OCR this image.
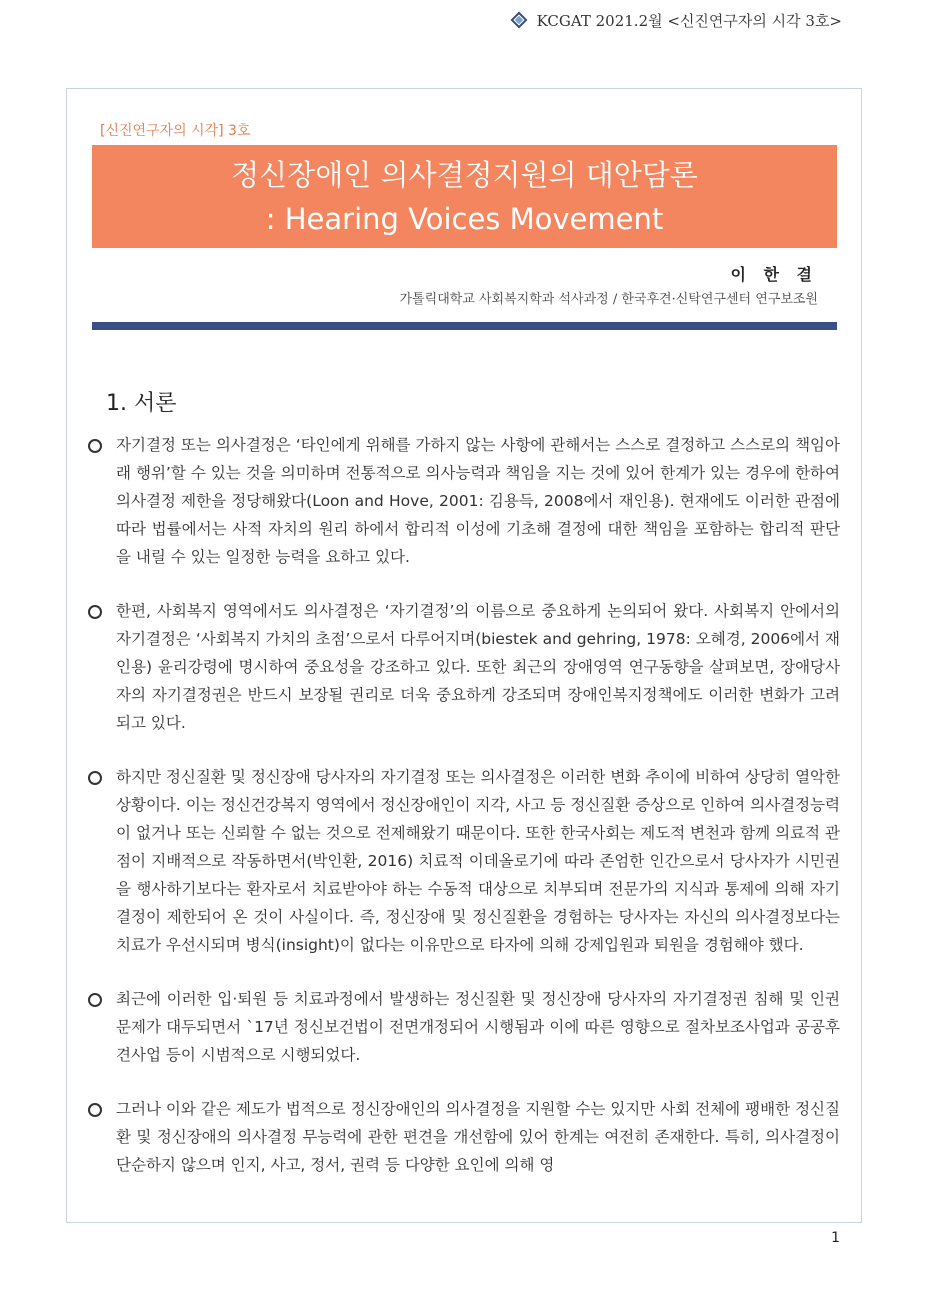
KCGAT 2021.2월 <신진연구자의 시각 3호>
[신진연구자의 시각] 3호
정신장애인 의사결정지원의 대안담론
: Hearing Voices Movement
이 한 결
가톨릭대학교 사회복지학과 석사과정 / 한국후견·신탁연구센터 연구보조원
1. 서론
자기결정 또는 의사결정은 ‘타인에게 위해를 가하지 않는 사항에 관해서는 스스로 결정하고 스스로의 책임아래 행위’할 수 있는 것을 의미하며 전통적으로 의사능력과 책임을 지는 것에 있어 한계가 있는 경우에 한하여 의사결정 제한을 정당해왔다(Loon and Hove, 2001: 김용득, 2008에서 재인용). 현재에도 이러한 관점에 따라 법률에서는 사적 자치의 원리 하에서 합리적 이성에 기초해 결정에 대한 책임을 포함하는 합리적 판단을 내릴 수 있는 일정한 능력을 요하고 있다.
한편, 사회복지 영역에서도 의사결정은 ‘자기결정’의 이름으로 중요하게 논의되어 왔다. 사회복지 안에서의 자기결정은 ‘사회복지 가치의 초점’으로서 다루어지며(biestek and gehring, 1978: 오혜경, 2006에서 재인용) 윤리강령에 명시하여 중요성을 강조하고 있다. 또한 최근의 장애영역 연구동향을 살펴보면, 장애당사자의 자기결정권은 반드시 보장될 권리로 더욱 중요하게 강조되며 장애인복지정책에도 이러한 변화가 고려되고 있다.
하지만 정신질환 및 정신장애 당사자의 자기결정 또는 의사결정은 이러한 변화 추이에 비하여 상당히 열악한 상황이다. 이는 정신건강복지 영역에서 정신장애인이 지각, 사고 등 정신질환 증상으로 인하여 의사결정능력이 없거나 또는 신뢰할 수 없는 것으로 전제해왔기 때문이다. 또한 한국사회는 제도적 변천과 함께 의료적 관점이 지배적으로 작동하면서(박인환, 2016) 치료적 이데올로기에 따라 존엄한 인간으로서 당사자가 시민권을 행사하기보다는 환자로서 치료받아야 하는 수동적 대상으로 치부되며 전문가의 지식과 통제에 의해 자기결정이 제한되어 온 것이 사실이다. 즉, 정신장애 및 정신질환을 경험하는 당사자는 자신의 의사결정보다는 치료가 우선시되며 병식(insight)이 없다는 이유만으로 타자에 의해 강제입원과 퇴원을 경험해야 했다.
최근에 이러한 입·퇴원 등 치료과정에서 발생하는 정신질환 및 정신장애 당사자의 자기결정권 침해 및 인권문제가 대두되면서 `17년 정신보건법이 전면개정되어 시행됨과 이에 따른 영향으로 절차보조사업과 공공후견사업 등이 시범적으로 시행되었다.
그러나 이와 같은 제도가 법적으로 정신장애인의 의사결정을 지원할 수는 있지만 사회 전체에 팽배한 정신질환 및 정신장애의 의사결정 무능력에 관한 편견을 개선함에 있어 한계는 여전히 존재한다. 특히, 의사결정이 단순하지 않으며 인지, 사고, 정서, 권력 등 다양한 요인에 의해 영
1
